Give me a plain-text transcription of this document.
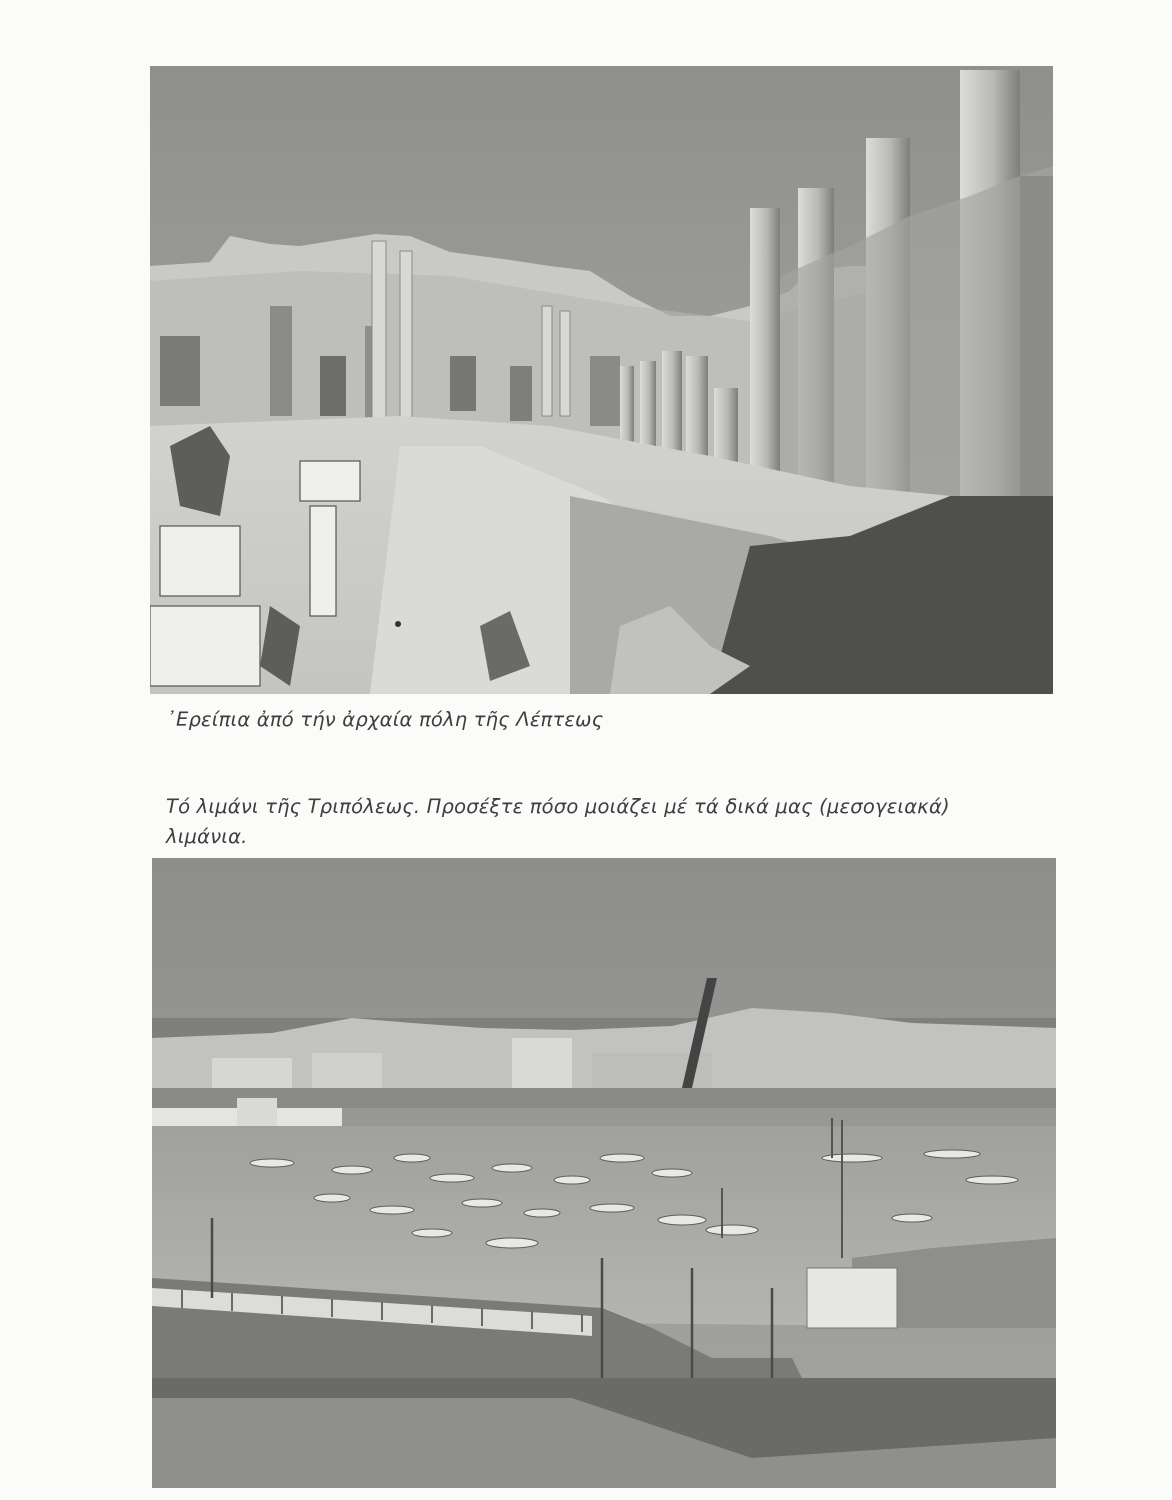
᾿Ερείπια ἀπό τήν ἀρχαία πόλη τῆς Λέπτεως

Τό λιμάνι τῆς Τριπόλεως. Προσέξτε πόσο μοιάζει μέ τά δικά μας (μεσογειακά)
λιμάνια.
